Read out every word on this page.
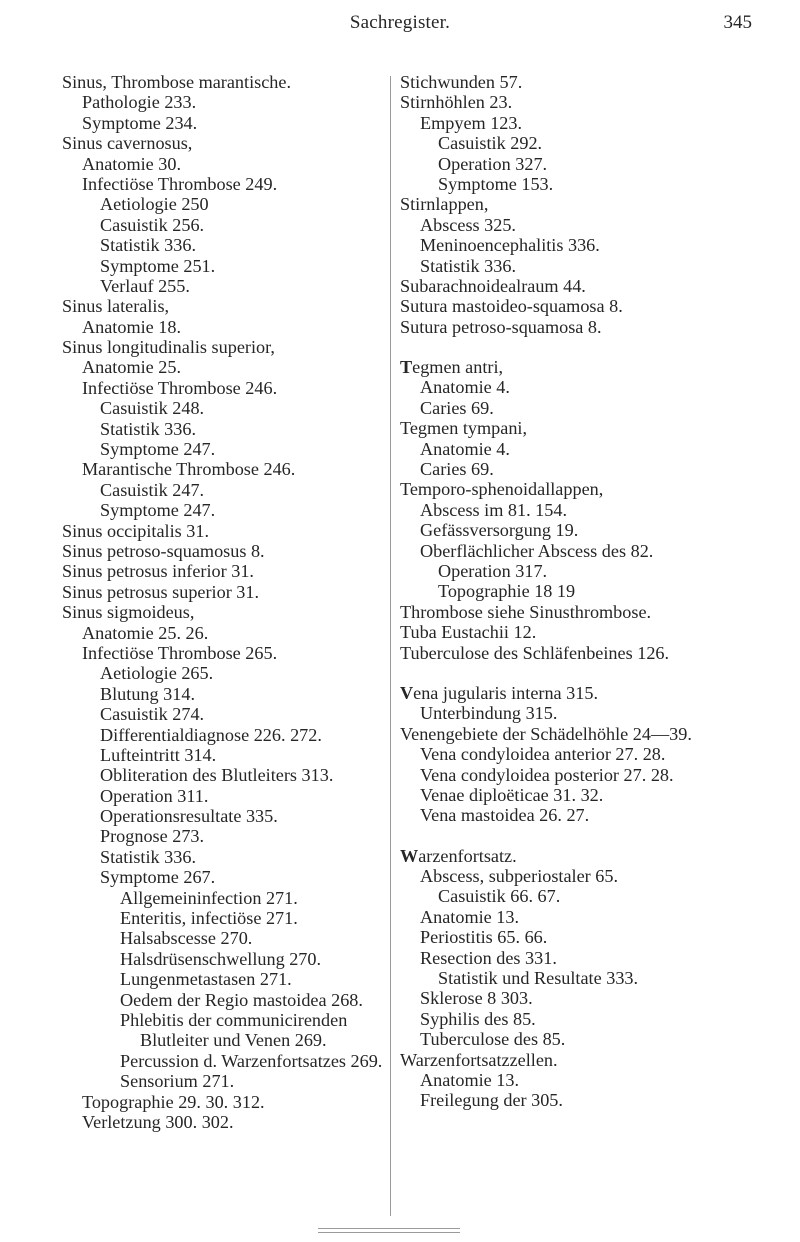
Sachregister.	345
Sinus, Thrombose marantische.
Pathologie 233.
Symptome 234.
Sinus cavernosus,
Anatomie 30.
Infectiöse Thrombose 249.
Aetiologie 250
Casuistik 256.
Statistik 336.
Symptome 251.
Verlauf 255.
Sinus lateralis,
Anatomie 18.
Sinus longitudinalis superior,
Anatomie 25.
Infectiöse Thrombose 246.
Casuistik 248.
Statistik 336.
Symptome 247.
Marantische Thrombose 246.
Casuistik 247.
Symptome 247.
Sinus occipitalis 31.
Sinus petroso-squamosus 8.
Sinus petrosus inferior 31.
Sinus petrosus superior 31.
Sinus sigmoideus,
Anatomie 25. 26.
Infectiöse Thrombose 265.
Aetiologie 265.
Blutung 314.
Casuistik 274.
Differentialdiagnose 226. 272.
Lufteintritt 314.
Obliteration des Blutleiters 313.
Operation 311.
Operationsresultate 335.
Prognose 273.
Statistik 336.
Symptome 267.
Allgemeininfection 271.
Enteritis, infectiöse 271.
Halsabscesse 270.
Halsdrüsenschwellung 270.
Lungenmetastasen 271.
Oedem der Regio mastoidea 268.
Phlebitis der communicirenden
Blutleiter und Venen 269.
Percussion d. Warzenfortsatzes 269.
Sensorium 271.
Topographie 29. 30. 312.
Verletzung 300. 302.
Stichwunden 57.
Stirnhöhlen 23.
Empyem 123.
Casuistik 292.
Operation 327.
Symptome 153.
Stirnlappen,
Abscess 325.
Meninoencephalitis 336.
Statistik 336.
Subarachnoidealraum 44.
Sutura mastoideo-squamosa 8.
Sutura petroso-squamosa 8.
Tegmen antri,
Anatomie 4.
Caries 69.
Tegmen tympani,
Anatomie 4.
Caries 69.
Temporo-sphenoidallappen,
Abscess im 81. 154.
Gefässversorgung 19.
Oberflächlicher Abscess des 82.
Operation 317.
Topographie 18 19
Thrombose siehe Sinusthrombose.
Tuba Eustachii 12.
Tuberculose des Schläfenbeines 126.
Vena jugularis interna 315.
Unterbindung 315.
Venengebiete der Schädelhöhle 24—39.
Vena condyloidea anterior 27. 28.
Vena condyloidea posterior 27. 28.
Venae diploëticae 31. 32.
Vena mastoidea 26. 27.
Warzenfortsatz.
Abscess, subperiostaler 65.
Casuistik 66. 67.
Anatomie 13.
Periostitis 65. 66.
Resection des 331.
Statistik und Resultate 333.
Sklerose 8 303.
Syphilis des 85.
Tuberculose des 85.
Warzenfortsatzzellen.
Anatomie 13.
Freilegung der 305.
